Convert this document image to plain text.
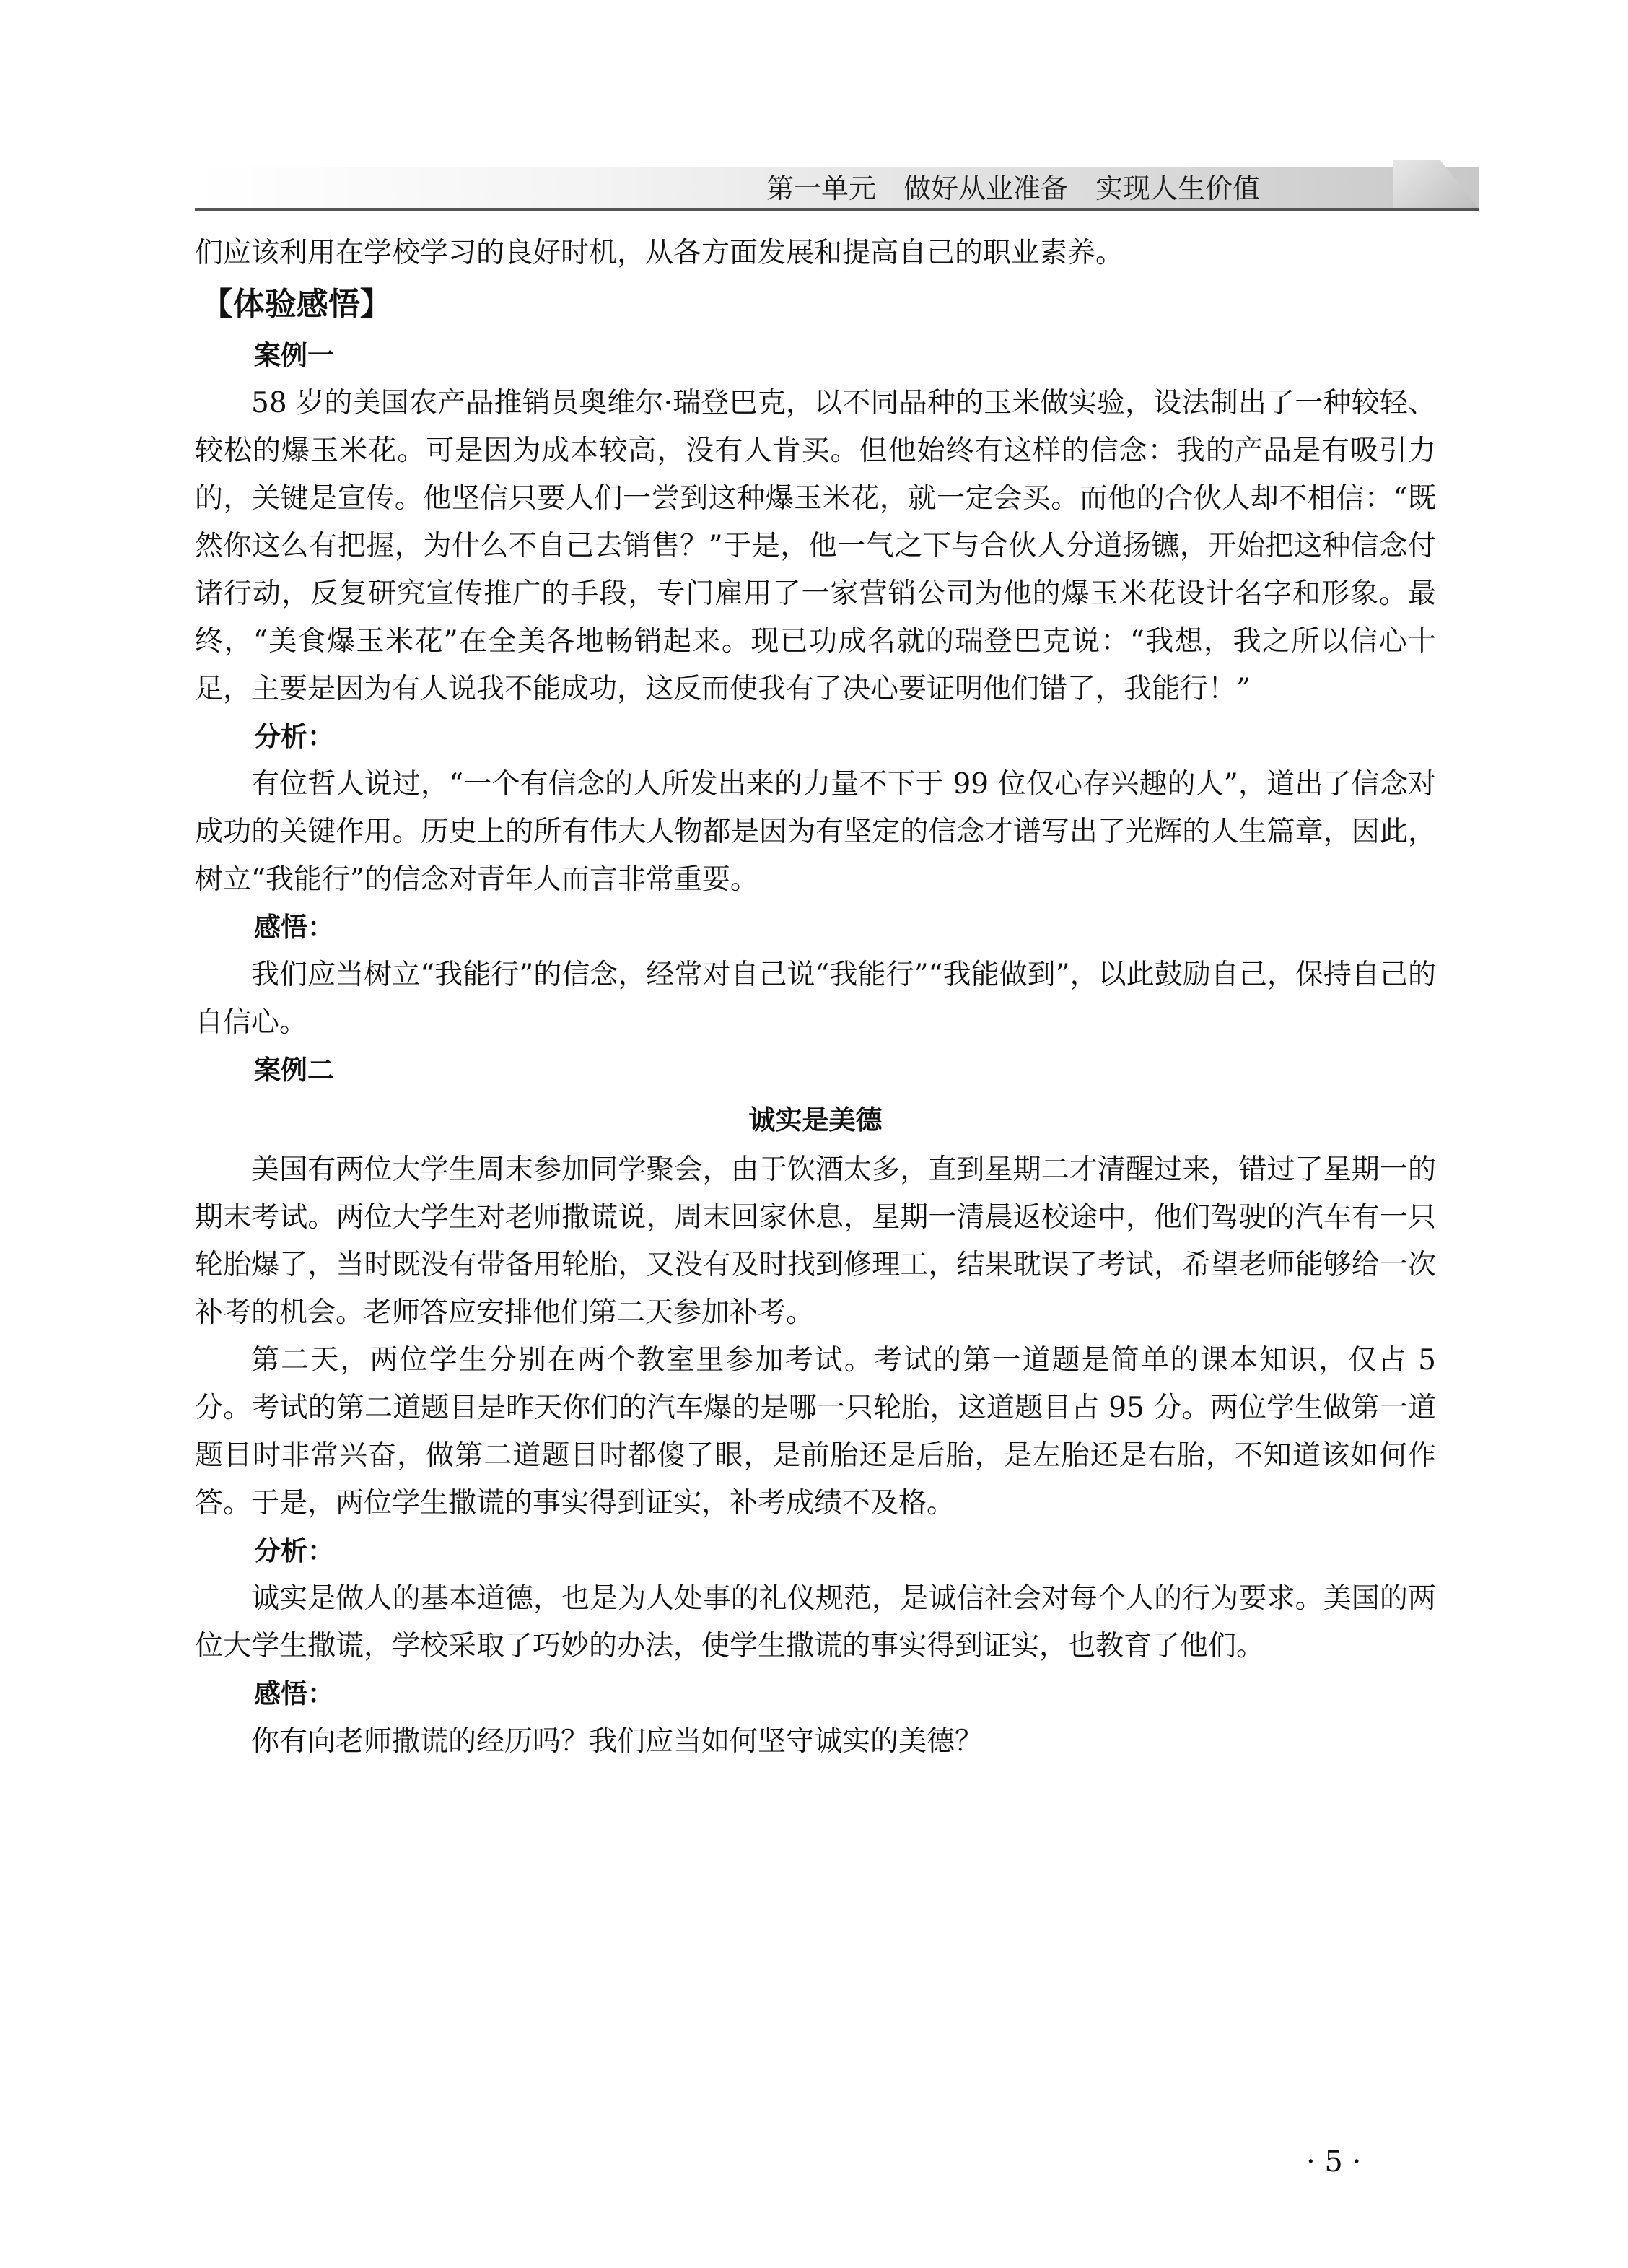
第一单元　做好从业准备　实现人生价值

们应该利用在学校学习的良好时机，从各方面发展和提高自己的职业素养。

【体验感悟】

案例一

58 岁的美国农产品推销员奥维尔·瑞登巴克，以不同品种的玉米做实验，设法制出了一种较轻、较松的爆玉米花。可是因为成本较高，没有人肯买。但他始终有这样的信念：我的产品是有吸引力的，关键是宣传。他坚信只要人们一尝到这种爆玉米花，就一定会买。而他的合伙人却不相信：“既然你这么有把握，为什么不自己去销售？”于是，他一气之下与合伙人分道扬镳，开始把这种信念付诸行动，反复研究宣传推广的手段，专门雇用了一家营销公司为他的爆玉米花设计名字和形象。最终，“美食爆玉米花”在全美各地畅销起来。现已功成名就的瑞登巴克说：“我想，我之所以信心十足，主要是因为有人说我不能成功，这反而使我有了决心要证明他们错了，我能行！”

分析：

有位哲人说过，“一个有信念的人所发出来的力量不下于 99 位仅心存兴趣的人”，道出了信念对成功的关键作用。历史上的所有伟大人物都是因为有坚定的信念才谱写出了光辉的人生篇章，因此，树立“我能行”的信念对青年人而言非常重要。

感悟：

我们应当树立“我能行”的信念，经常对自己说“我能行”“我能做到”，以此鼓励自己，保持自己的自信心。

案例二

诚实是美德

美国有两位大学生周末参加同学聚会，由于饮酒太多，直到星期二才清醒过来，错过了星期一的期末考试。两位大学生对老师撒谎说，周末回家休息，星期一清晨返校途中，他们驾驶的汽车有一只轮胎爆了，当时既没有带备用轮胎，又没有及时找到修理工，结果耽误了考试，希望老师能够给一次补考的机会。老师答应安排他们第二天参加补考。

第二天，两位学生分别在两个教室里参加考试。考试的第一道题是简单的课本知识，仅占 5 分。考试的第二道题目是昨天你们的汽车爆的是哪一只轮胎，这道题目占 95 分。两位学生做第一道题目时非常兴奋，做第二道题目时都傻了眼，是前胎还是后胎，是左胎还是右胎，不知道该如何作答。于是，两位学生撒谎的事实得到证实，补考成绩不及格。

分析：

诚实是做人的基本道德，也是为人处事的礼仪规范，是诚信社会对每个人的行为要求。美国的两位大学生撒谎，学校采取了巧妙的办法，使学生撒谎的事实得到证实，也教育了他们。

感悟：

你有向老师撒谎的经历吗？我们应当如何坚守诚实的美德？

· 5 ·
